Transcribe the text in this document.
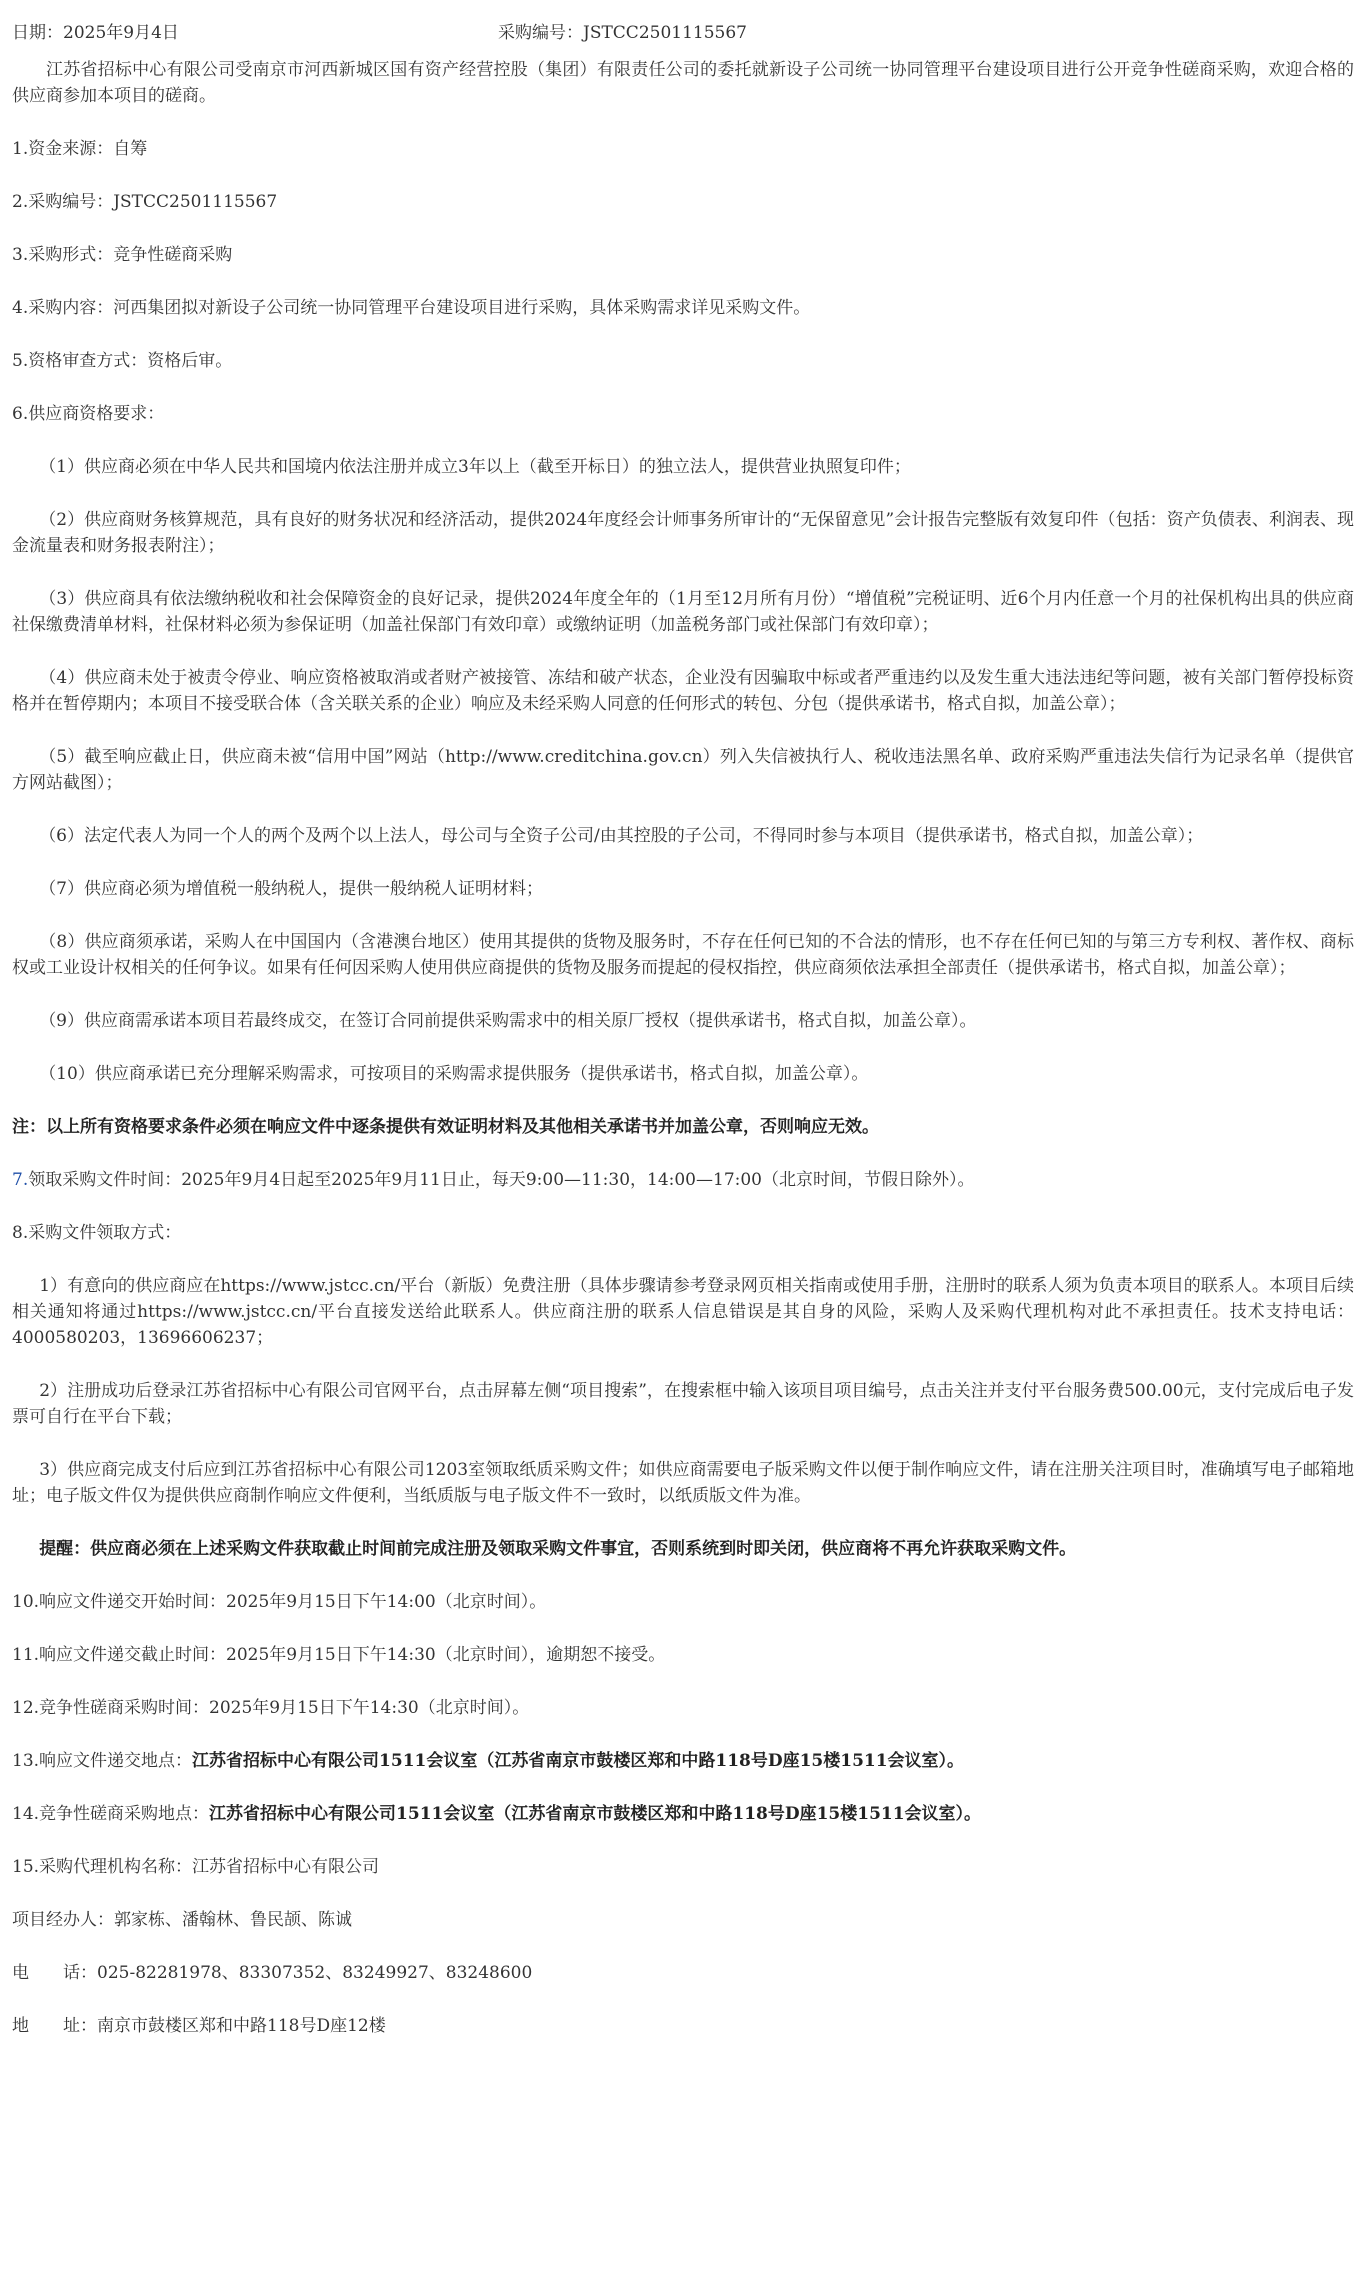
日期：2025年9月4日	采购编号：JSTCC2501115567

江苏省招标中心有限公司受南京市河西新城区国有资产经营控股（集团）有限责任公司的委托就新设子公司统一协同管理平台建设项目进行公开竞争性磋商采购，欢迎合格的供应商参加本项目的磋商。

1.资金来源：自筹

2.采购编号：JSTCC2501115567

3.采购形式：竞争性磋商采购

4.采购内容：河西集团拟对新设子公司统一协同管理平台建设项目进行采购，具体采购需求详见采购文件。

5.资格审查方式：资格后审。

6.供应商资格要求：

（1）供应商必须在中华人民共和国境内依法注册并成立3年以上（截至开标日）的独立法人，提供营业执照复印件；

（2）供应商财务核算规范，具有良好的财务状况和经济活动，提供2024年度经会计师事务所审计的“无保留意见”会计报告完整版有效复印件（包括：资产负债表、利润表、现金流量表和财务报表附注）；

（3）供应商具有依法缴纳税收和社会保障资金的良好记录，提供2024年度全年的（1月至12月所有月份）“增值税”完税证明、近6个月内任意一个月的社保机构出具的供应商社保缴费清单材料，社保材料必须为参保证明（加盖社保部门有效印章）或缴纳证明（加盖税务部门或社保部门有效印章）；

（4）供应商未处于被责令停业、响应资格被取消或者财产被接管、冻结和破产状态，企业没有因骗取中标或者严重违约以及发生重大违法违纪等问题，被有关部门暂停投标资格并在暂停期内；本项目不接受联合体（含关联关系的企业）响应及未经采购人同意的任何形式的转包、分包（提供承诺书，格式自拟，加盖公章）；

（5）截至响应截止日，供应商未被“信用中国”网站（http://www.creditchina.gov.cn）列入失信被执行人、税收违法黑名单、政府采购严重违法失信行为记录名单（提供官方网站截图）；

（6）法定代表人为同一个人的两个及两个以上法人，母公司与全资子公司/由其控股的子公司，不得同时参与本项目（提供承诺书，格式自拟，加盖公章）；

（7）供应商必须为增值税一般纳税人，提供一般纳税人证明材料；

（8）供应商须承诺，采购人在中国国内（含港澳台地区）使用其提供的货物及服务时，不存在任何已知的不合法的情形，也不存在任何已知的与第三方专利权、著作权、商标权或工业设计权相关的任何争议。如果有任何因采购人使用供应商提供的货物及服务而提起的侵权指控，供应商须依法承担全部责任（提供承诺书，格式自拟，加盖公章）；

（9）供应商需承诺本项目若最终成交，在签订合同前提供采购需求中的相关原厂授权（提供承诺书，格式自拟，加盖公章）。

（10）供应商承诺已充分理解采购需求，可按项目的采购需求提供服务（提供承诺书，格式自拟，加盖公章）。

注：以上所有资格要求条件必须在响应文件中逐条提供有效证明材料及其他相关承诺书并加盖公章，否则响应无效。

7.领取采购文件时间：2025年9月4日起至2025年9月11日止，每天9:00—11:30，14:00—17:00（北京时间，节假日除外）。

8.采购文件领取方式：

1）有意向的供应商应在https://www.jstcc.cn/平台（新版）免费注册（具体步骤请参考登录网页相关指南或使用手册，注册时的联系人须为负责本项目的联系人。本项目后续相关通知将通过https://www.jstcc.cn/平台直接发送给此联系人。供应商注册的联系人信息错误是其自身的风险，采购人及采购代理机构对此不承担责任。技术支持电话：4000580203，13696606237；

2）注册成功后登录江苏省招标中心有限公司官网平台，点击屏幕左侧“项目搜索”，在搜索框中输入该项目项目编号，点击关注并支付平台服务费500.00元，支付完成后电子发票可自行在平台下载；

3）供应商完成支付后应到江苏省招标中心有限公司1203室领取纸质采购文件；如供应商需要电子版采购文件以便于制作响应文件，请在注册关注项目时，准确填写电子邮箱地址；电子版文件仅为提供供应商制作响应文件便利，当纸质版与电子版文件不一致时，以纸质版文件为准。

提醒：供应商必须在上述采购文件获取截止时间前完成注册及领取采购文件事宜，否则系统到时即关闭，供应商将不再允许获取采购文件。

10.响应文件递交开始时间：2025年9月15日下午14:00（北京时间）。

11.响应文件递交截止时间：2025年9月15日下午14:30（北京时间），逾期恕不接受。

12.竞争性磋商采购时间：2025年9月15日下午14:30（北京时间）。

13.响应文件递交地点：江苏省招标中心有限公司1511会议室（江苏省南京市鼓楼区郑和中路118号D座15楼1511会议室）。

14.竞争性磋商采购地点：江苏省招标中心有限公司1511会议室（江苏省南京市鼓楼区郑和中路118号D座15楼1511会议室）。

15.采购代理机构名称：江苏省招标中心有限公司

项目经办人：郭家栋、潘翰林、鲁民颉、陈诚

电　　话：025-82281978、83307352、83249927、83248600

地　　址：南京市鼓楼区郑和中路118号D座12楼
